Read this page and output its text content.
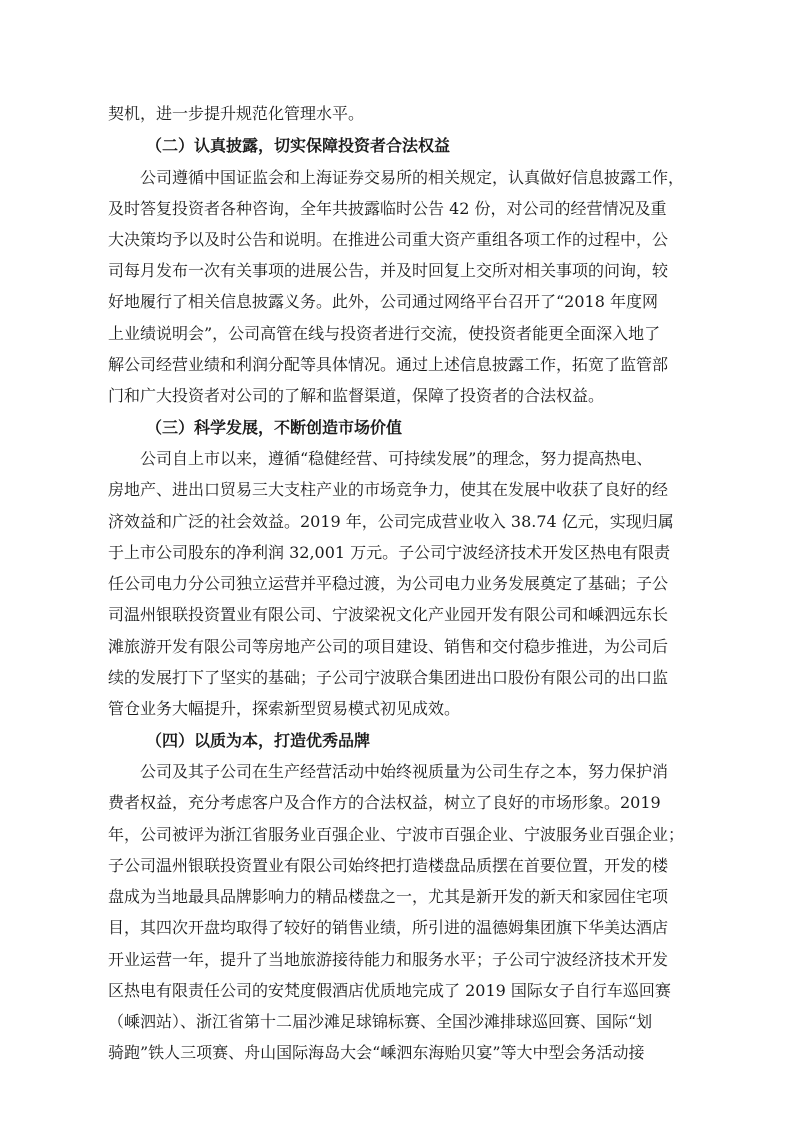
契机，进一步提升规范化管理水平。
（二）认真披露，切实保障投资者合法权益
公司遵循中国证监会和上海证券交易所的相关规定，认真做好信息披露工作，
及时答复投资者各种咨询，全年共披露临时公告 42 份，对公司的经营情况及重
大决策均予以及时公告和说明。在推进公司重大资产重组各项工作的过程中，公
司每月发布一次有关事项的进展公告，并及时回复上交所对相关事项的问询，较
好地履行了相关信息披露义务。此外，公司通过网络平台召开了“2018 年度网
上业绩说明会”，公司高管在线与投资者进行交流，使投资者能更全面深入地了
解公司经营业绩和利润分配等具体情况。通过上述信息披露工作，拓宽了监管部
门和广大投资者对公司的了解和监督渠道，保障了投资者的合法权益。
（三）科学发展，不断创造市场价值
公司自上市以来，遵循“稳健经营、可持续发展”的理念，努力提高热电、
房地产、进出口贸易三大支柱产业的市场竞争力，使其在发展中收获了良好的经
济效益和广泛的社会效益。2019 年，公司完成营业收入 38.74 亿元，实现归属
于上市公司股东的净利润 32,001 万元。子公司宁波经济技术开发区热电有限责
任公司电力分公司独立运营并平稳过渡，为公司电力业务发展奠定了基础；子公
司温州银联投资置业有限公司、宁波梁祝文化产业园开发有限公司和嵊泗远东长
滩旅游开发有限公司等房地产公司的项目建设、销售和交付稳步推进，为公司后
续的发展打下了坚实的基础；子公司宁波联合集团进出口股份有限公司的出口监
管仓业务大幅提升，探索新型贸易模式初见成效。
（四）以质为本，打造优秀品牌
公司及其子公司在生产经营活动中始终视质量为公司生存之本，努力保护消
费者权益，充分考虑客户及合作方的合法权益，树立了良好的市场形象。2019
年，公司被评为浙江省服务业百强企业、宁波市百强企业、宁波服务业百强企业；
子公司温州银联投资置业有限公司始终把打造楼盘品质摆在首要位置，开发的楼
盘成为当地最具品牌影响力的精品楼盘之一，尤其是新开发的新天和家园住宅项
目，其四次开盘均取得了较好的销售业绩，所引进的温德姆集团旗下华美达酒店
开业运营一年，提升了当地旅游接待能力和服务水平；子公司宁波经济技术开发
区热电有限责任公司的安梵度假酒店优质地完成了 2019 国际女子自行车巡回赛
（嵊泗站）、浙江省第十二届沙滩足球锦标赛、全国沙滩排球巡回赛、国际“划
骑跑”铁人三项赛、舟山国际海岛大会“嵊泗东海贻贝宴”等大中型会务活动接
